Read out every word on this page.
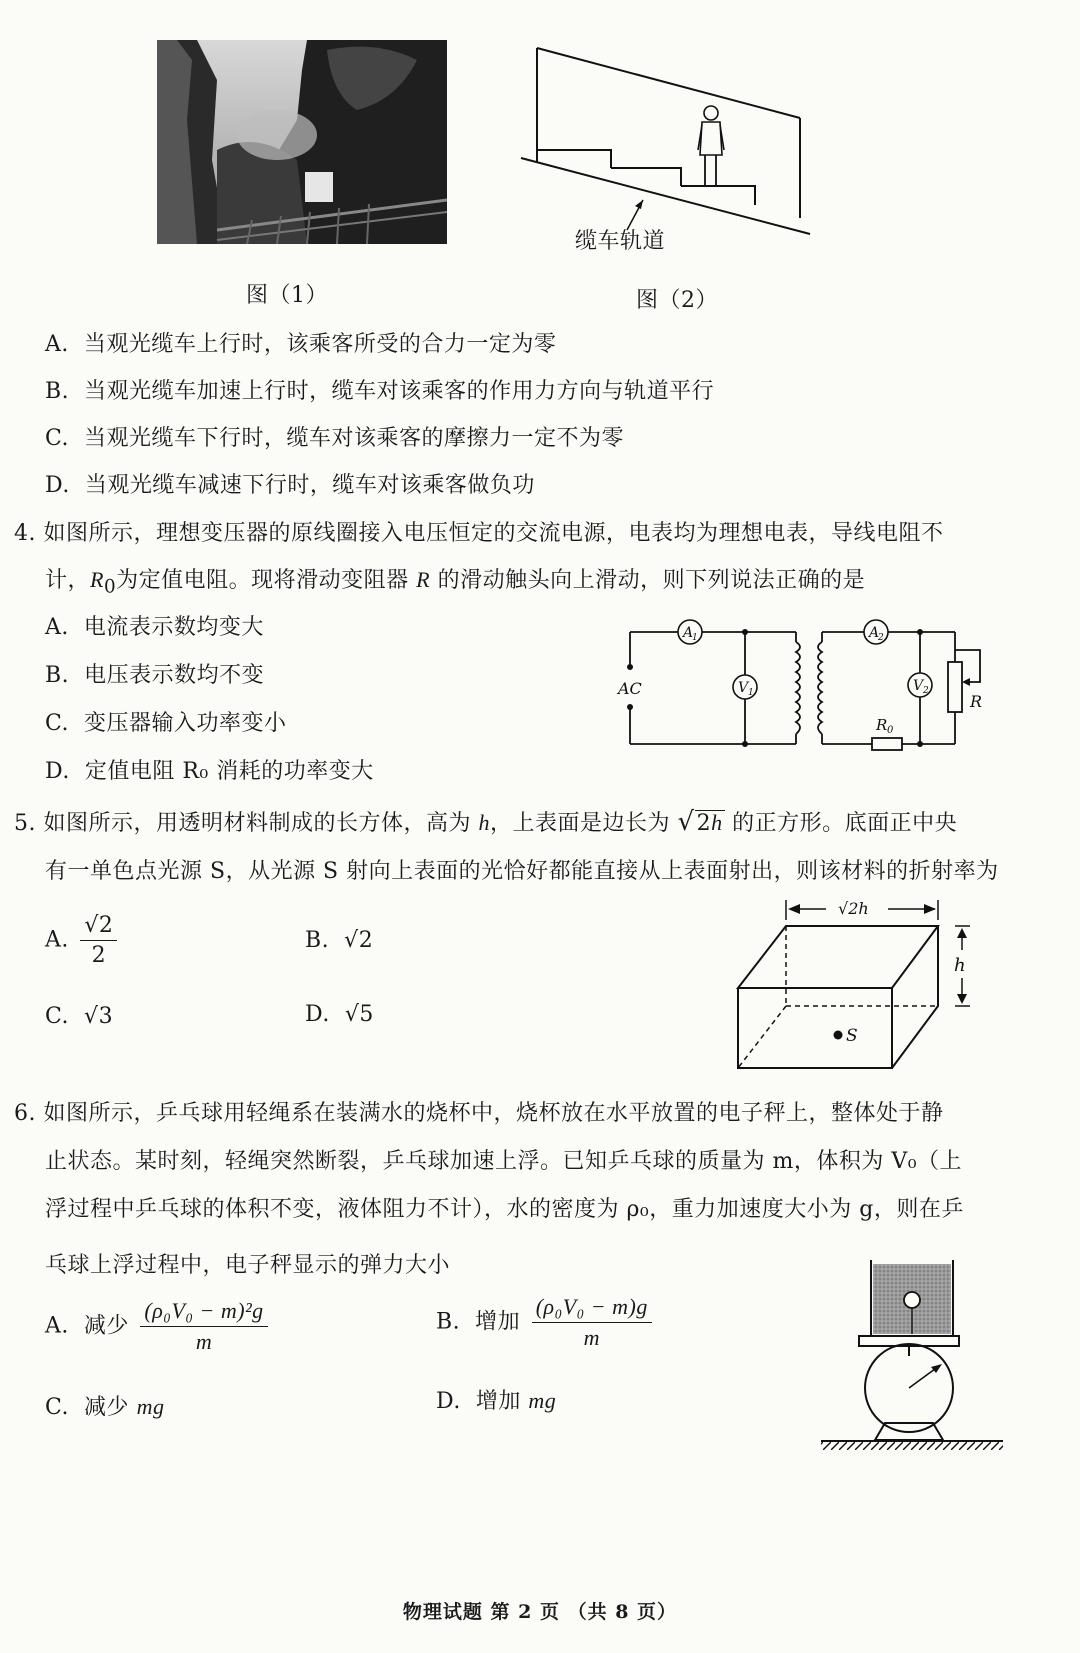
图（1）
缆车轨道
图（2）
A. 当观光缆车上行时，该乘客所受的合力一定为零
B. 当观光缆车加速上行时，缆车对该乘客的作用力方向与轨道平行
C. 当观光缆车下行时，缆车对该乘客的摩擦力一定不为零
D. 当观光缆车减速下行时，缆车对该乘客做负功
4. 如图所示，理想变压器的原线圈接入电压恒定的交流电源，电表均为理想电表，导线电阻不
计，$R_0$为定值电阻。现将滑动变阻器 R 的滑动触头向上滑动，则下列说法正确的是
A. 电流表示数均变大
B. 电压表示数均不变
C. 变压器输入功率变小
D. 定值电阻 R₀ 消耗的功率变大
A
1	A
2
V 1	V 2
AC
R
R 0
5. 如图所示，用透明材料制成的长方体，高为 h，上表面是边长为 √2h 的正方形。底面正中央
有一单色点光源 S，从光源 S 射向上表面的光恰好都能直接从上表面射出，则该材料的折射率为
A. $\frac{√2}{2}$	B. √2
C. √3	D. √5
√2h
h
S
6. 如图所示，乒乓球用轻绳系在装满水的烧杯中，烧杯放在水平放置的电子秤上，整体处于静
止状态。某时刻，轻绳突然断裂，乒乓球加速上浮。已知乒乓球的质量为 m，体积为 V₀（上
浮过程中乒乓球的体积不变，液体阻力不计），水的密度为 ρ₀，重力加速度大小为 g，则在乒
乓球上浮过程中，电子秤显示的弹力大小
A. 减少 $\frac{\text{(ρ₀V₀ − m)²g}}{m}$	B. 增加 $\frac{\text{(ρ₀V₀ − m)g}}{m}$
C. 减少 mg	D. 增加 mg
物理试题 第 2 页 （共 8 页）
